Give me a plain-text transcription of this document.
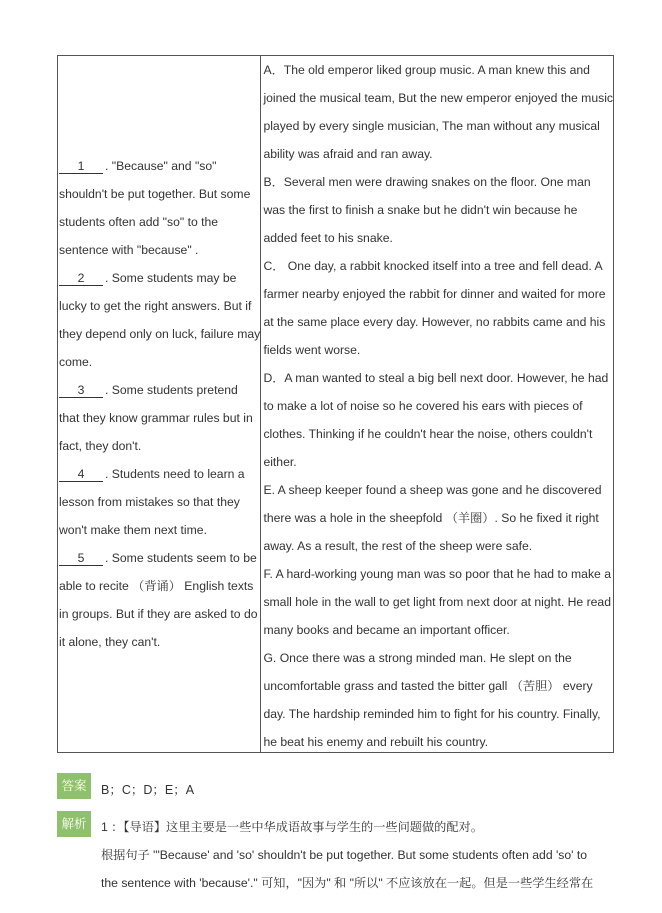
1 . "Because" and "so"
shouldn't be put together. But some
students often add "so" to the
sentence with "because" .
2 . Some students may be
lucky to get the right answers. But if
they depend only on luck, failure may
come.
3 . Some students pretend
that they know grammar rules but in
fact, they don't.
4 . Students need to learn a
lesson from mistakes so that they
won't make them next time.
5 . Some students seem to be
able to recite （背诵） English texts
in groups. But if they are asked to do
it alone, they can't.
A．The old emperor liked group music. A man knew this and
joined the musical team, But the new emperor enjoyed the music
played by every single musician, The man without any musical
ability was afraid and ran away.
B．Several men were drawing snakes on the floor. One man
was the first to finish a snake but he didn't win because he
added feet to his snake.
C． One day, a rabbit knocked itself into a tree and fell dead. A
farmer nearby enjoyed the rabbit for dinner and waited for more
at the same place every day. However, no rabbits came and his
fields went worse.
D．A man wanted to steal a big bell next door. However, he had
to make a lot of noise so he covered his ears with pieces of
clothes. Thinking if he couldn't hear the noise, others couldn't
either.
E. A sheep keeper found a sheep was gone and he discovered
there was a hole in the sheepfold （羊圈）. So he fixed it right
away. As a result, the rest of the sheep were safe.
F. A hard-working young man was so poor that he had to make a
small hole in the wall to get light from next door at night. He read
many books and became an important officer.
G. Once there was a strong minded man. He slept on the
uncomfortable grass and tasted the bitter gall （苦胆） every
day. The hardship reminded him to fight for his country. Finally,
he beat his enemy and rebuilt his country.
答案	B；C；D；E；A
解析	1 ：【导语】这里主要是一些中华成语故事与学生的一些问题做的配对。
根据句子 "'Because' and 'so' shouldn't be put together. But some students often add 'so' to
the sentence with 'because'." 可知，"因为" 和 "所以" 不应该放在一起。但是一些学生经常在
